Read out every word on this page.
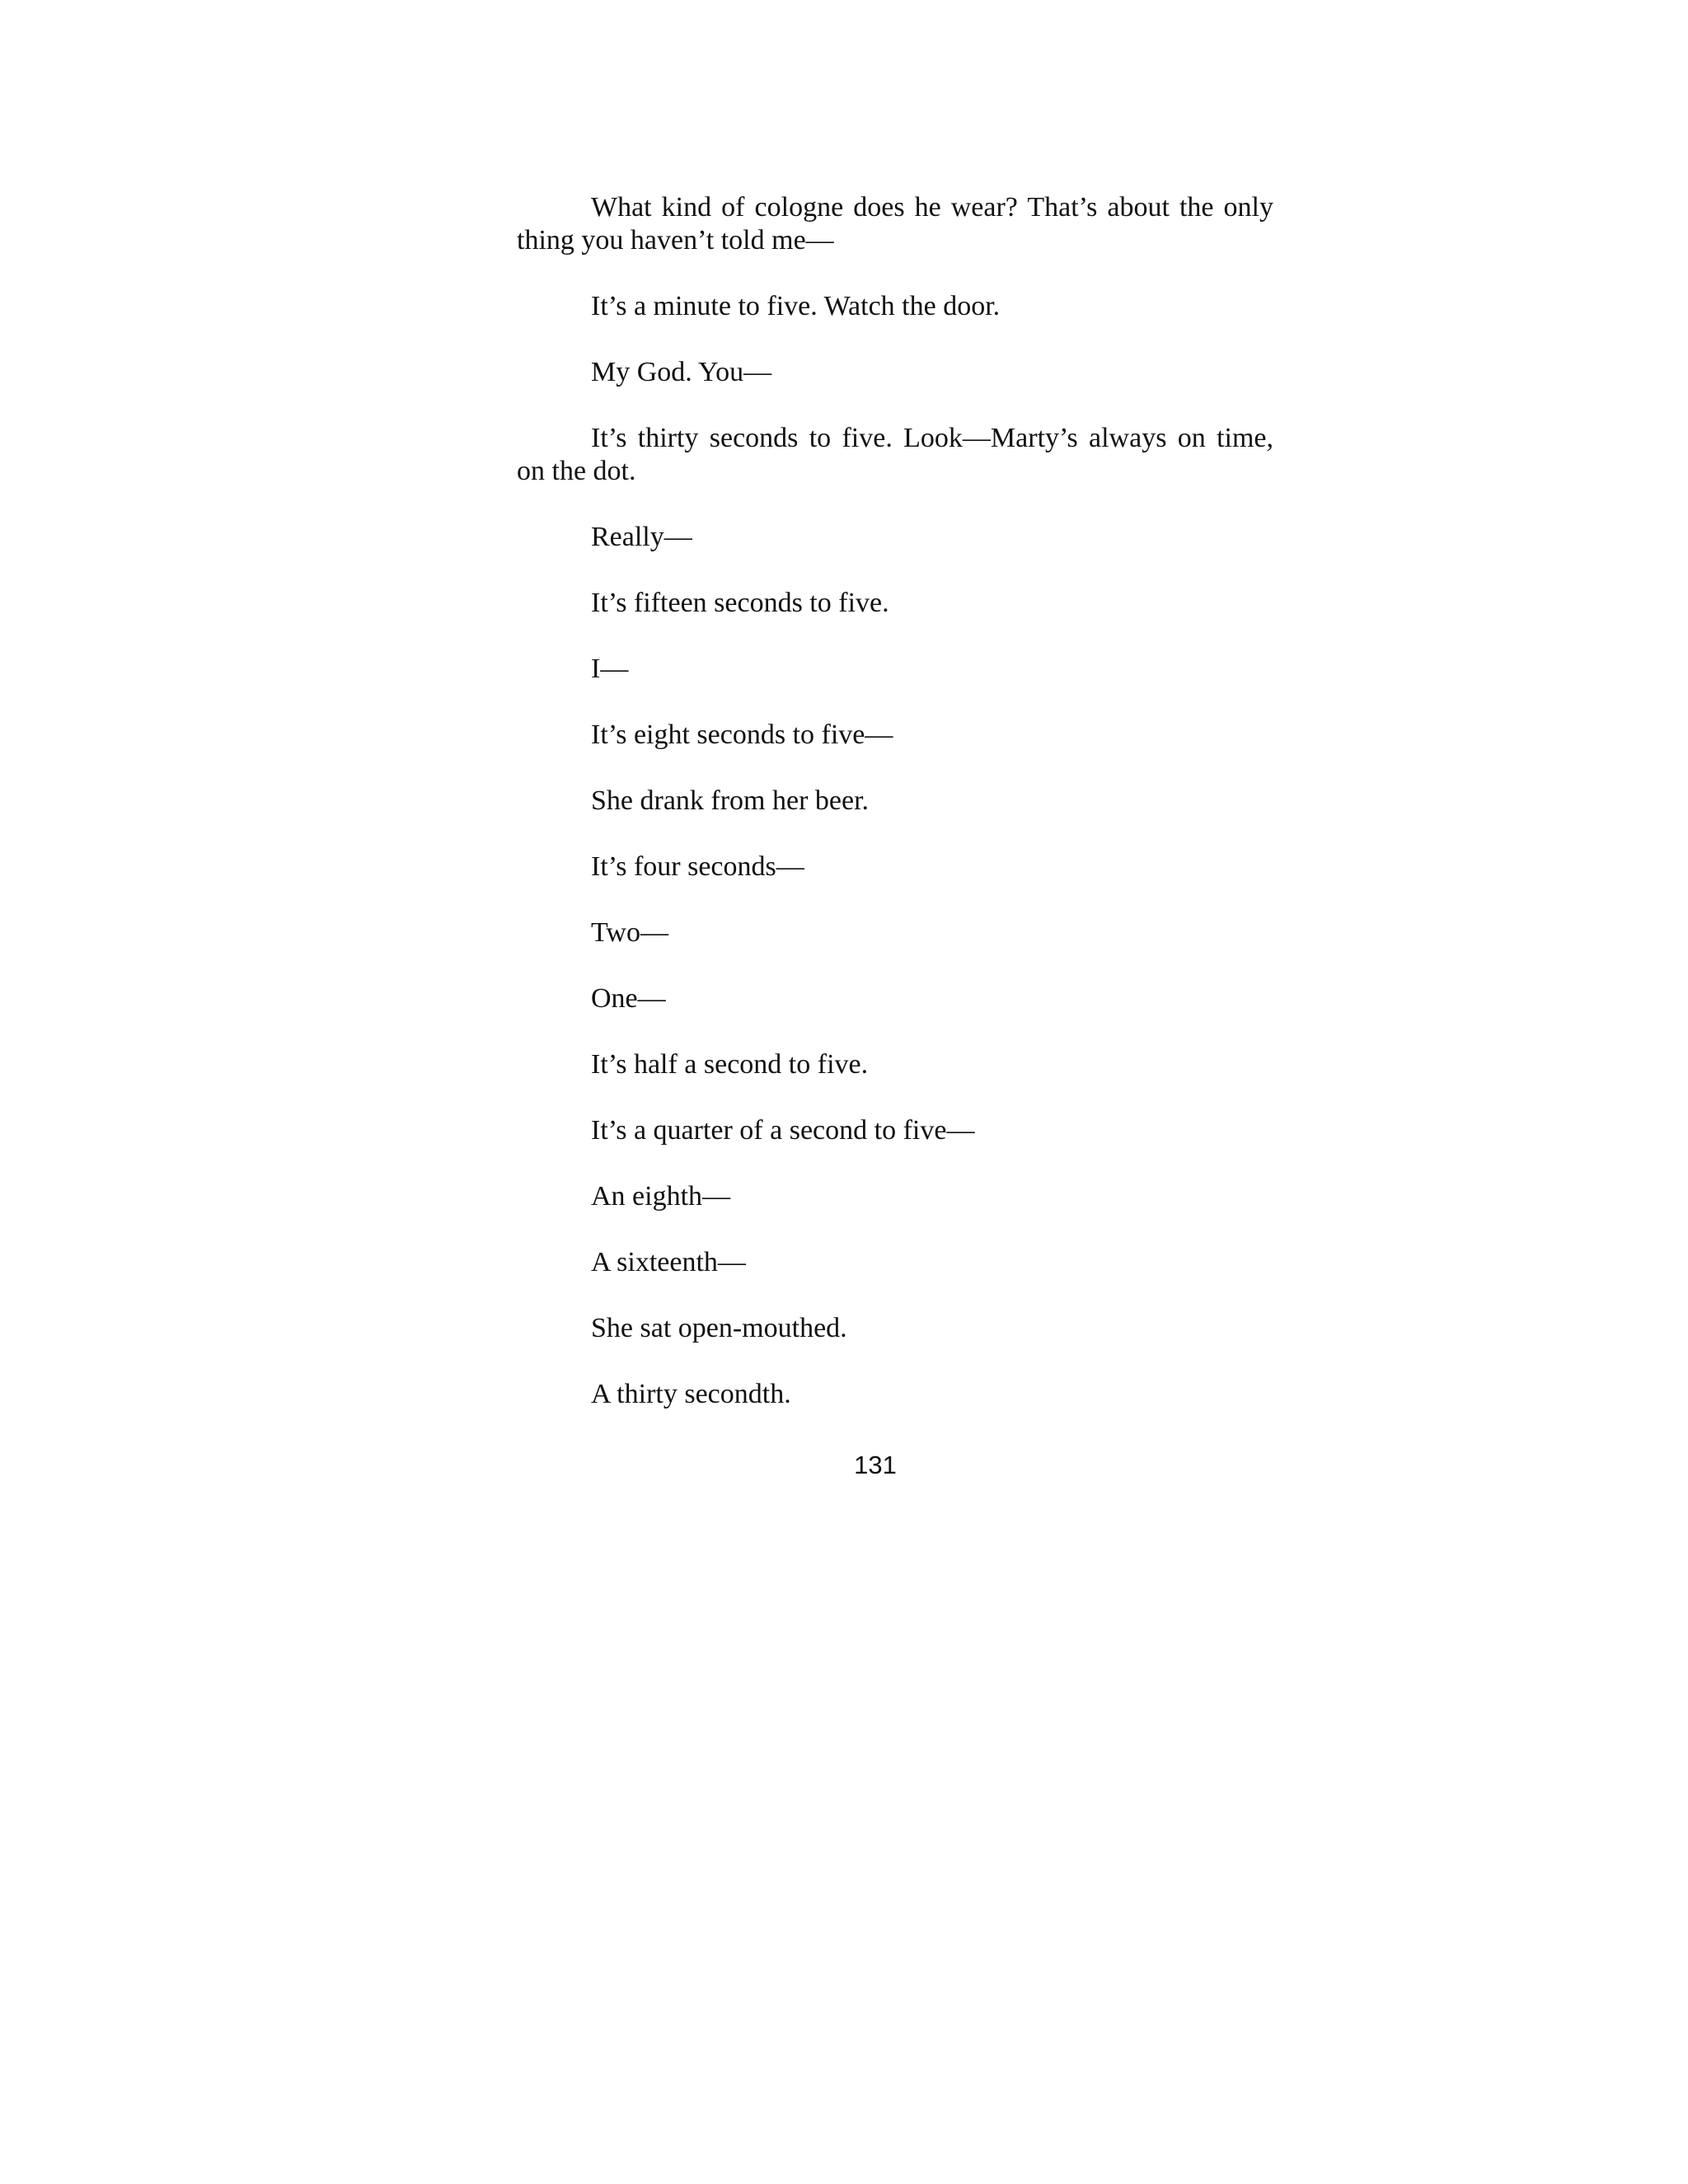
What kind of cologne does he wear? That’s about the only thing you haven’t told me—

It’s a minute to five. Watch the door.

My God. You—

It’s thirty seconds to five. Look—Marty’s always on time, on the dot.

Really—

It’s fifteen seconds to five.

I—

It’s eight seconds to five—

She drank from her beer.

It’s four seconds—

Two—

One—

It’s half a second to five.

It’s a quarter of a second to five—

An eighth—

A sixteenth—

She sat open-mouthed.

A thirty secondth.

131
